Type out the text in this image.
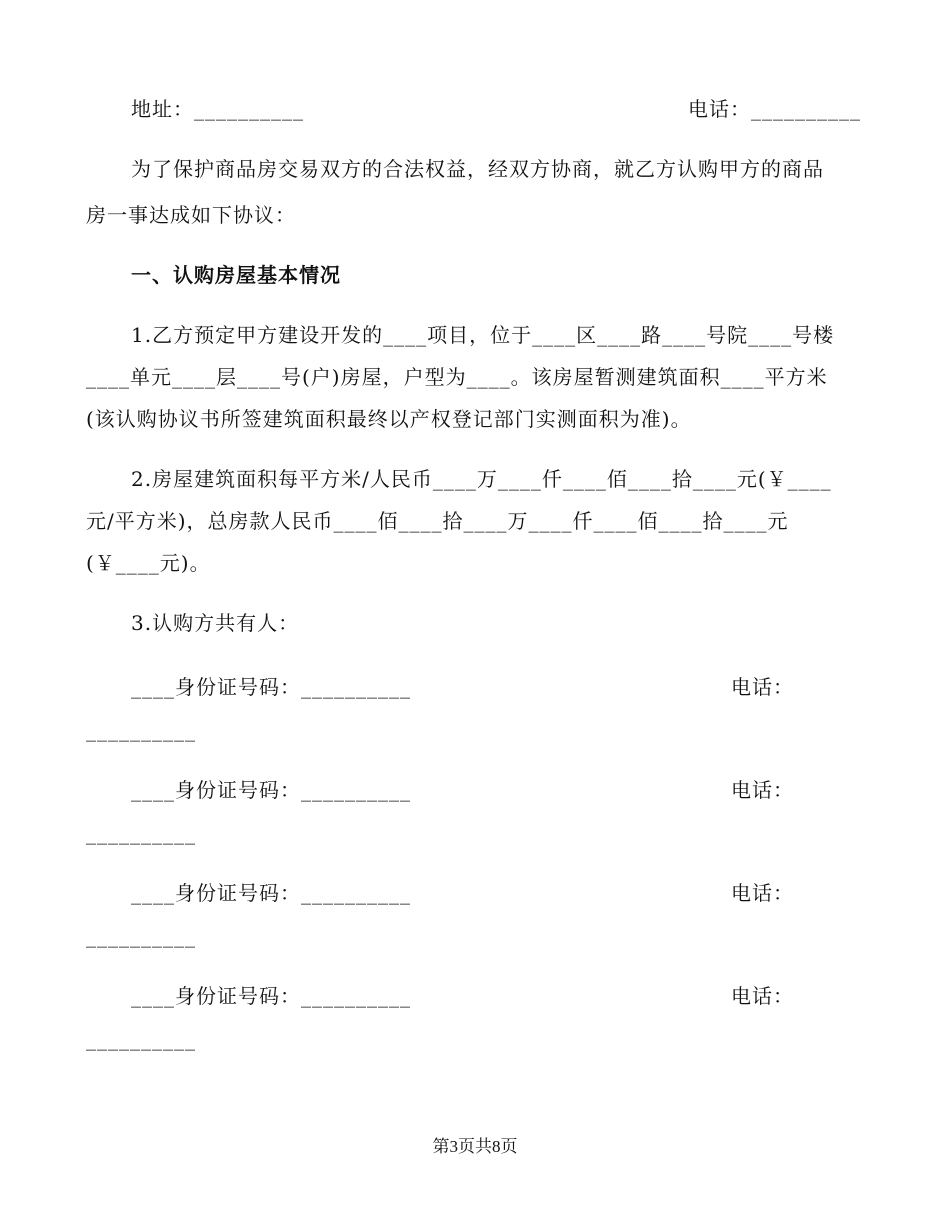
地址：__________	电话：__________
为了保护商品房交易双方的合法权益，经双方协商，就乙方认购甲方的商品
房一事达成如下协议：
一、认购房屋基本情况
1.乙方预定甲方建设开发的____项目，位于____区____路____号院____号楼
____单元____层____号(户)房屋，户型为____。该房屋暂测建筑面积____平方米
(该认购协议书所签建筑面积最终以产权登记部门实测面积为准)。
2.房屋建筑面积每平方米/人民币____万____仟____佰____拾____元(￥____
元/平方米)，总房款人民币____佰____拾____万____仟____佰____拾____元
(￥____元)。
3.认购方共有人：
____身份证号码：__________	电话：
__________
____身份证号码：__________	电话：
__________
____身份证号码：__________	电话：
__________
____身份证号码：__________	电话：
__________
第3页共8页
